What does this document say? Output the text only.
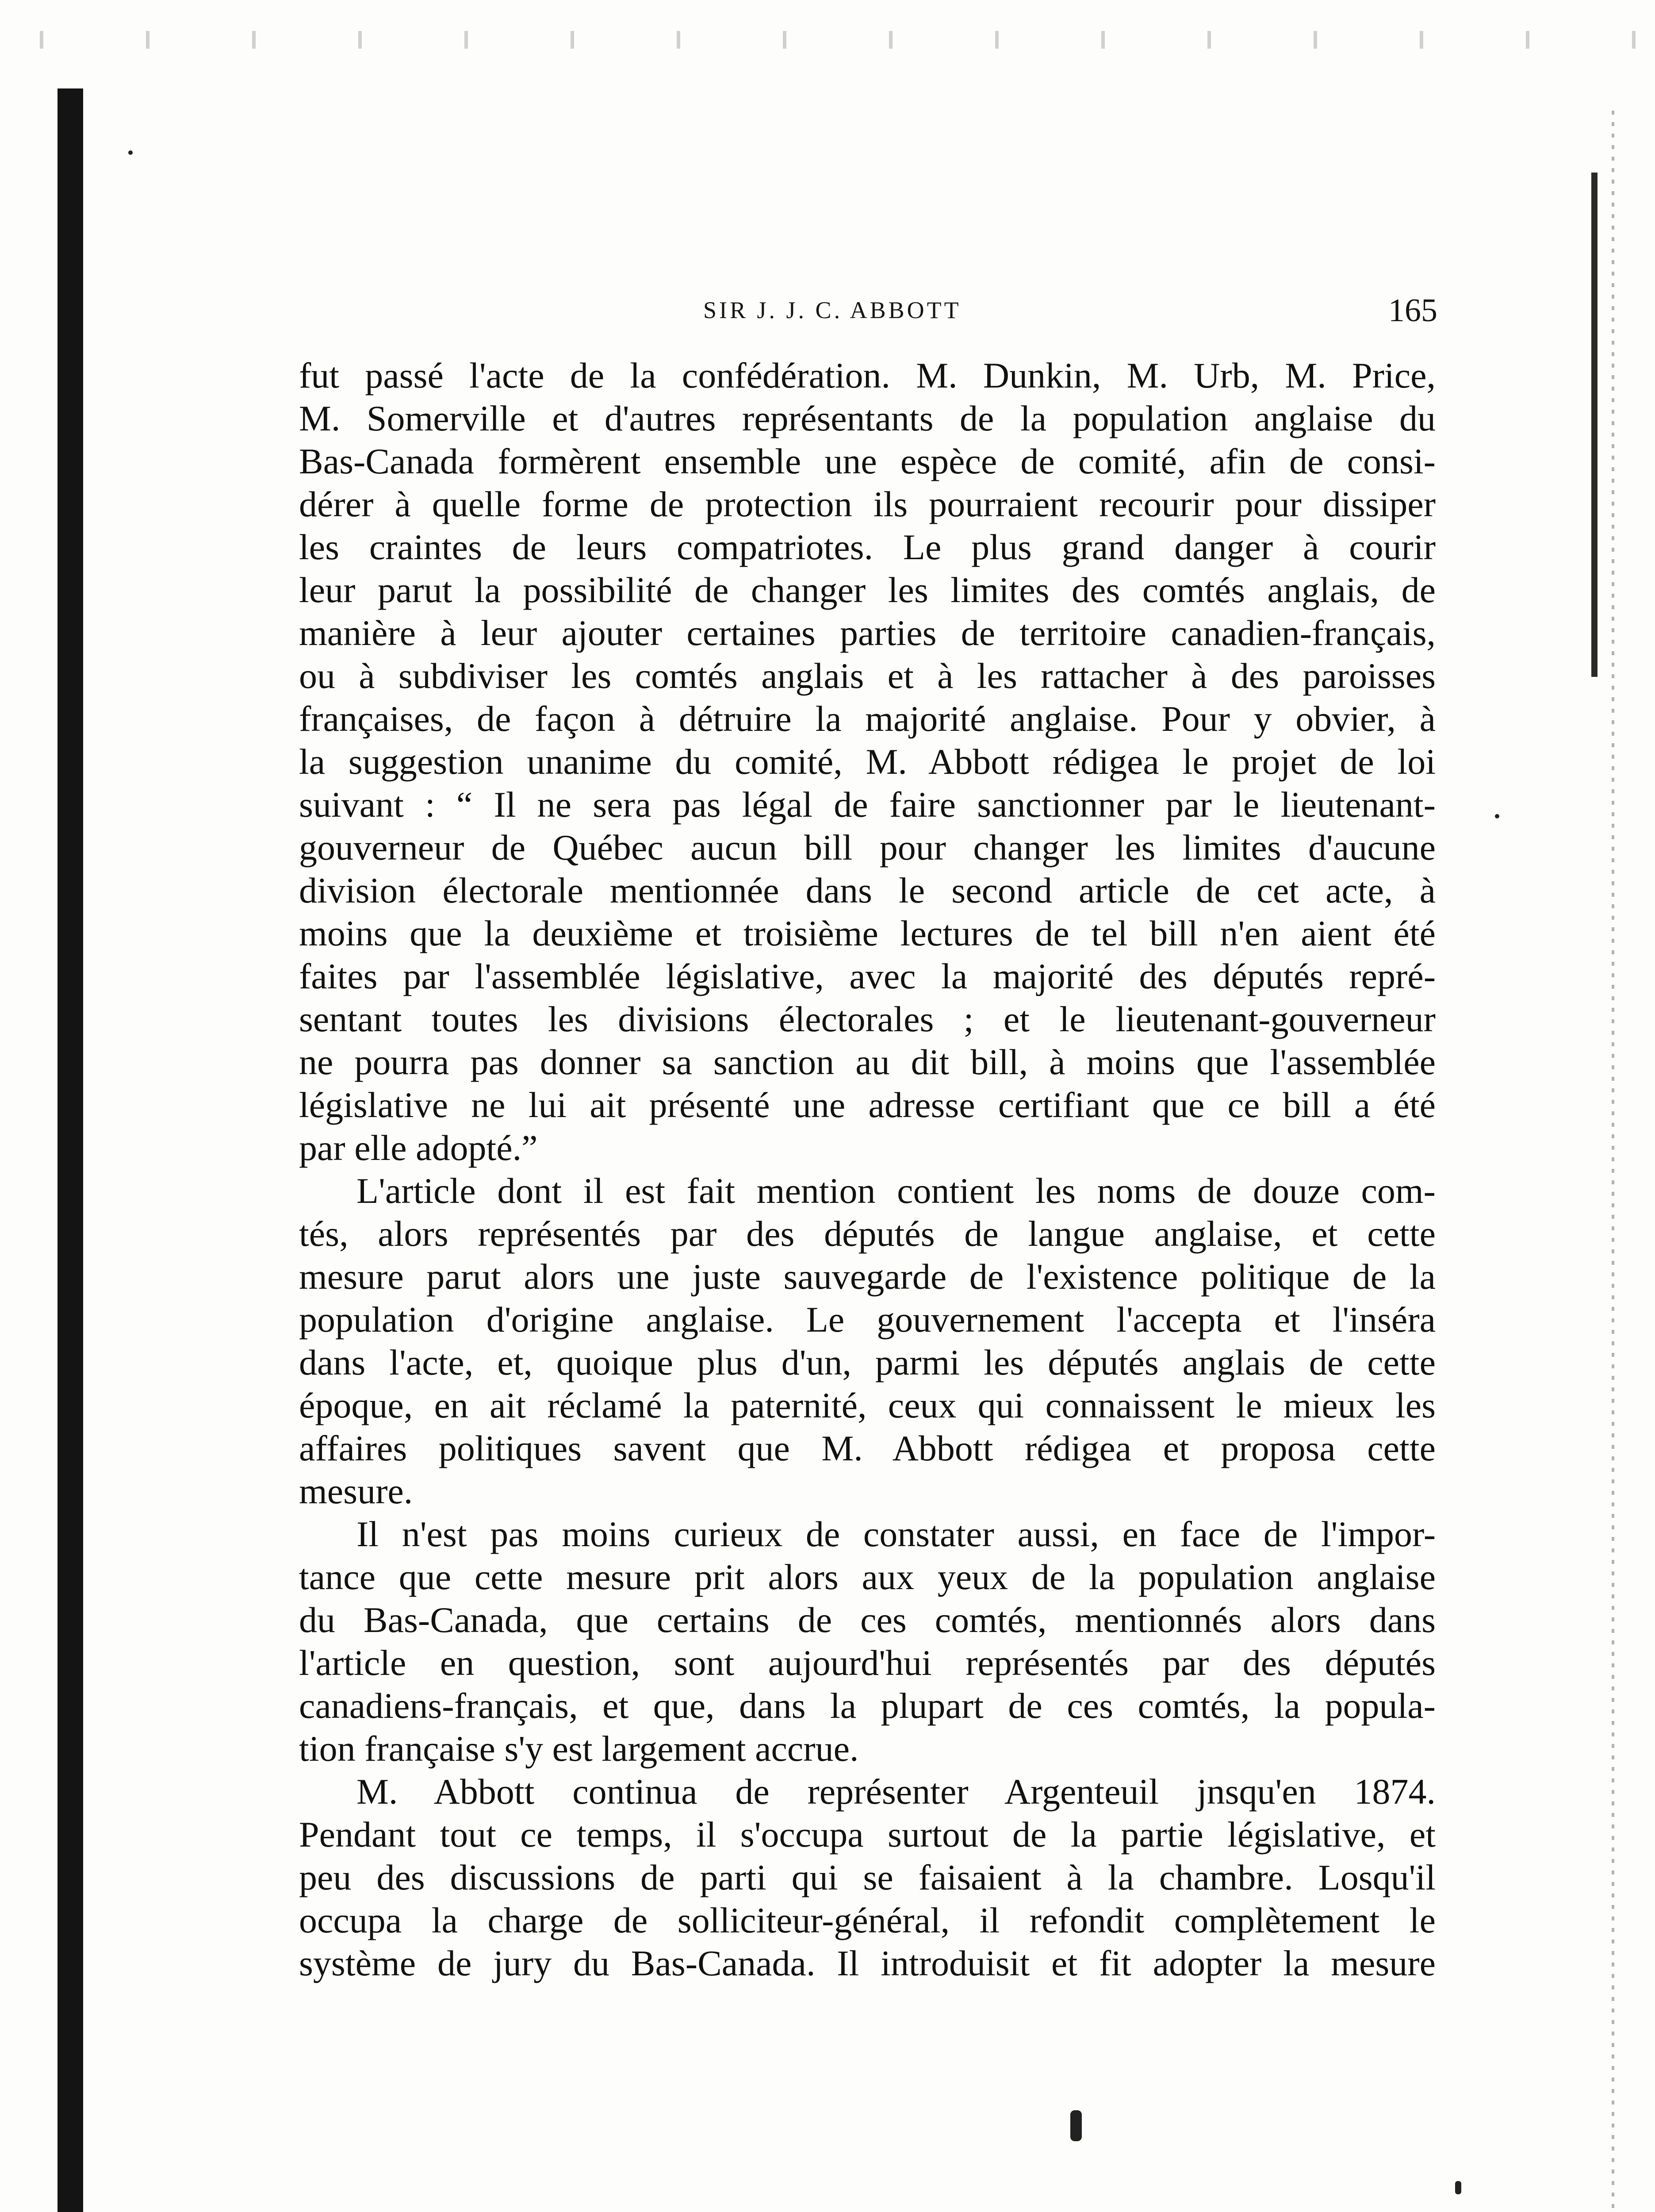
SIR J. J. C. ABBOTT	165

fut passé l'acte de la confédération. M. Dunkin, M. Urb, M. Price,
M. Somerville et d'autres représentants de la population anglaise du
Bas-Canada formèrent ensemble une espèce de comité, afin de consi-
dérer à quelle forme de protection ils pourraient recourir pour dissiper
les craintes de leurs compatriotes. Le plus grand danger à courir
leur parut la possibilité de changer les limites des comtés anglais, de
manière à leur ajouter certaines parties de territoire canadien-français,
ou à subdiviser les comtés anglais et à les rattacher à des paroisses
françaises, de façon à détruire la majorité anglaise. Pour y obvier, à
la suggestion unanime du comité, M. Abbott rédigea le projet de loi
suivant : “ Il ne sera pas légal de faire sanctionner par le lieutenant-
gouverneur de Québec aucun bill pour changer les limites d'aucune
division électorale mentionnée dans le second article de cet acte, à
moins que la deuxième et troisième lectures de tel bill n'en aient été
faites par l'assemblée législative, avec la majorité des députés repré-
sentant toutes les divisions électorales ; et le lieutenant-gouverneur
ne pourra pas donner sa sanction au dit bill, à moins que l'assemblée
législative ne lui ait présenté une adresse certifiant que ce bill a été
par elle adopté.”

L'article dont il est fait mention contient les noms de douze com-
tés, alors représentés par des députés de langue anglaise, et cette
mesure parut alors une juste sauvegarde de l'existence politique de la
population d'origine anglaise. Le gouvernement l'accepta et l'inséra
dans l'acte, et, quoique plus d'un, parmi les députés anglais de cette
époque, en ait réclamé la paternité, ceux qui connaissent le mieux les
affaires politiques savent que M. Abbott rédigea et proposa cette
mesure.

Il n'est pas moins curieux de constater aussi, en face de l'impor-
tance que cette mesure prit alors aux yeux de la population anglaise
du Bas-Canada, que certains de ces comtés, mentionnés alors dans
l'article en question, sont aujourd'hui représentés par des députés
canadiens-français, et que, dans la plupart de ces comtés, la popula-
tion française s'y est largement accrue.

M. Abbott continua de représenter Argenteuil jnsqu'en 1874.
Pendant tout ce temps, il s'occupa surtout de la partie législative, et
peu des discussions de parti qui se faisaient à la chambre. Losqu'il
occupa la charge de solliciteur-général, il refondit complètement le
système de jury du Bas-Canada. Il introduisit et fit adopter la mesure
